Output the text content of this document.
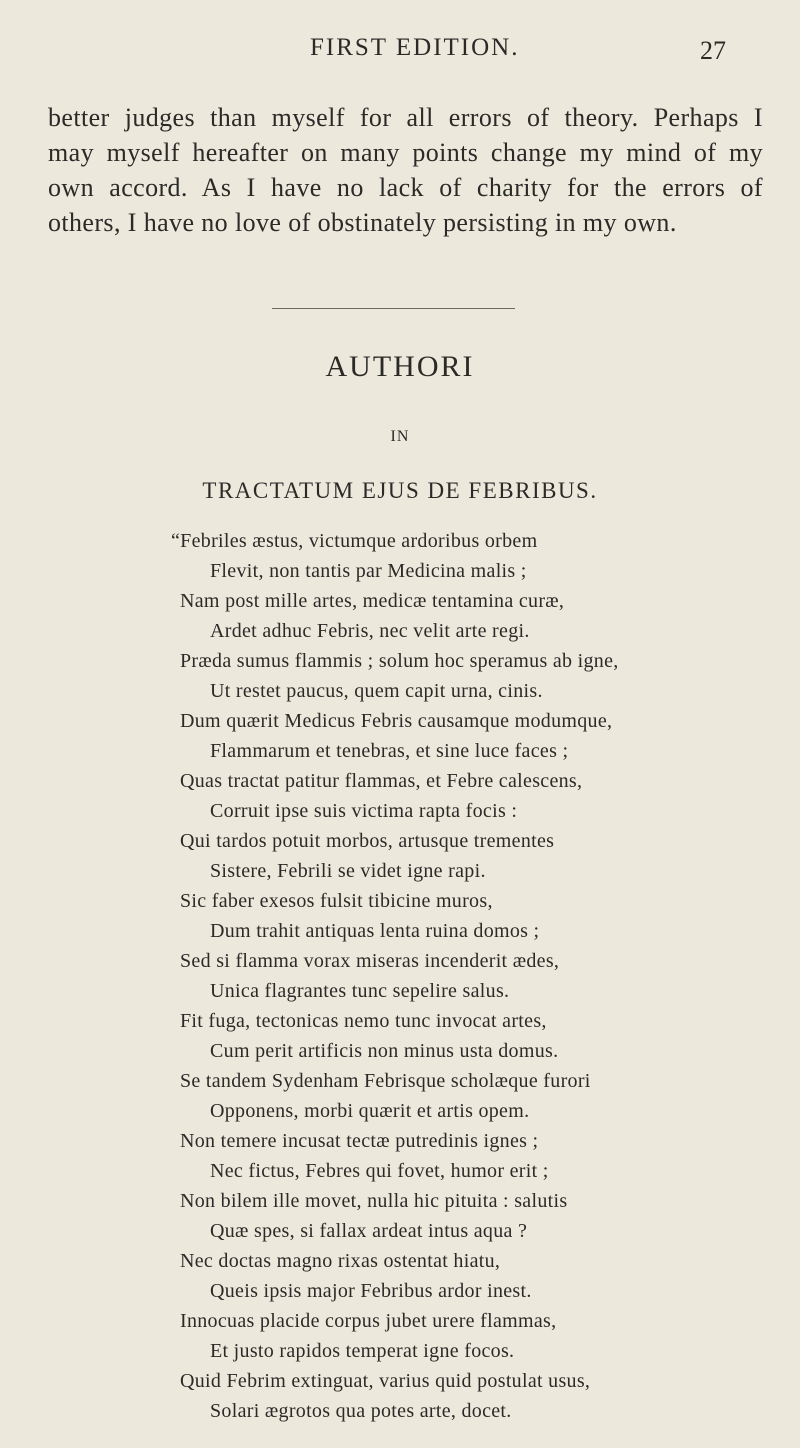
FIRST EDITION.	27
better judges than myself for all errors of theory. Perhaps I
may myself hereafter on many points change my mind of my
own accord. As I have no lack of charity for the errors of
others, I have no love of obstinately persisting in my own.
AUTHORI
IN
TRACTATUM EJUS DE FEBRIBUS.
“Febriles æstus, victumque ardoribus orbem
Flevit, non tantis par Medicina malis ;
Nam post mille artes, medicæ tentamina curæ,
Ardet adhuc Febris, nec velit arte regi.
Præda sumus flammis ; solum hoc speramus ab igne,
Ut restet paucus, quem capit urna, cinis.
Dum quærit Medicus Febris causamque modumque,
Flammarum et tenebras, et sine luce faces ;
Quas tractat patitur flammas, et Febre calescens,
Corruit ipse suis victima rapta focis :
Qui tardos potuit morbos, artusque trementes
Sistere, Febrili se videt igne rapi.
Sic faber exesos fulsit tibicine muros,
Dum trahit antiquas lenta ruina domos ;
Sed si flamma vorax miseras incenderit ædes,
Unica flagrantes tunc sepelire salus.
Fit fuga, tectonicas nemo tunc invocat artes,
Cum perit artificis non minus usta domus.
Se tandem Sydenham Febrisque scholæque furori
Opponens, morbi quærit et artis opem.
Non temere incusat tectæ putredinis ignes ;
Nec fictus, Febres qui fovet, humor erit ;
Non bilem ille movet, nulla hic pituita : salutis
Quæ spes, si fallax ardeat intus aqua ?
Nec doctas magno rixas ostentat hiatu,
Queis ipsis major Febribus ardor inest.
Innocuas placide corpus jubet urere flammas,
Et justo rapidos temperat igne focos.
Quid Febrim extinguat, varius quid postulat usus,
Solari ægrotos qua potes arte, docet.
